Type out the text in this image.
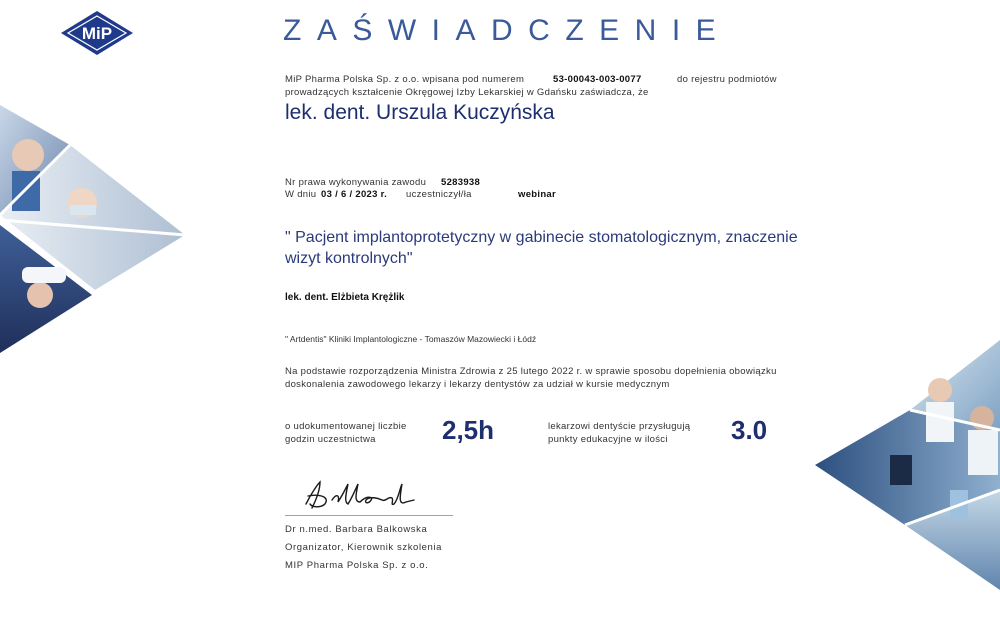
MiP	ZAŚWIADCZENIE
MiP Pharma Polska Sp. z o.o. wpisana pod numerem	53-00043-003-0077	do rejestru podmiotów
prowadzących kształcenie Okręgowej Izby Lekarskiej w Gdańsku zaświadcza, że
lek. dent. Urszula Kuczyńska
Nr prawa wykonywania zawodu 5283938
W dniu 03 / 6 / 2023 r. uczestniczył/ła	webinar
" Pacjent implantoprotetyczny w gabinecie stomatologicznym, znaczenie wizyt kontrolnych"
lek. dent. Elżbieta Krężlik
" Artdentis" Kliniki Implantologiczne - Tomaszów Mazowiecki i Łódź
Na podstawie rozporządzenia Ministra Zdrowia z 25 lutego 2022 r. w sprawie sposobu dopełnienia obowiązku doskonalenia zawodowego lekarzy i lekarzy dentystów za udział w kursie medycznym
o udokumentowanej liczbie godzin uczestnictwa	2,5h	lekarzowi dentyście przysługują punkty edukacyjne w ilości	3.0
Dr n.med. Barbara Balkowska
Organizator, Kierownik szkolenia
MIP Pharma Polska Sp. z o.o.
